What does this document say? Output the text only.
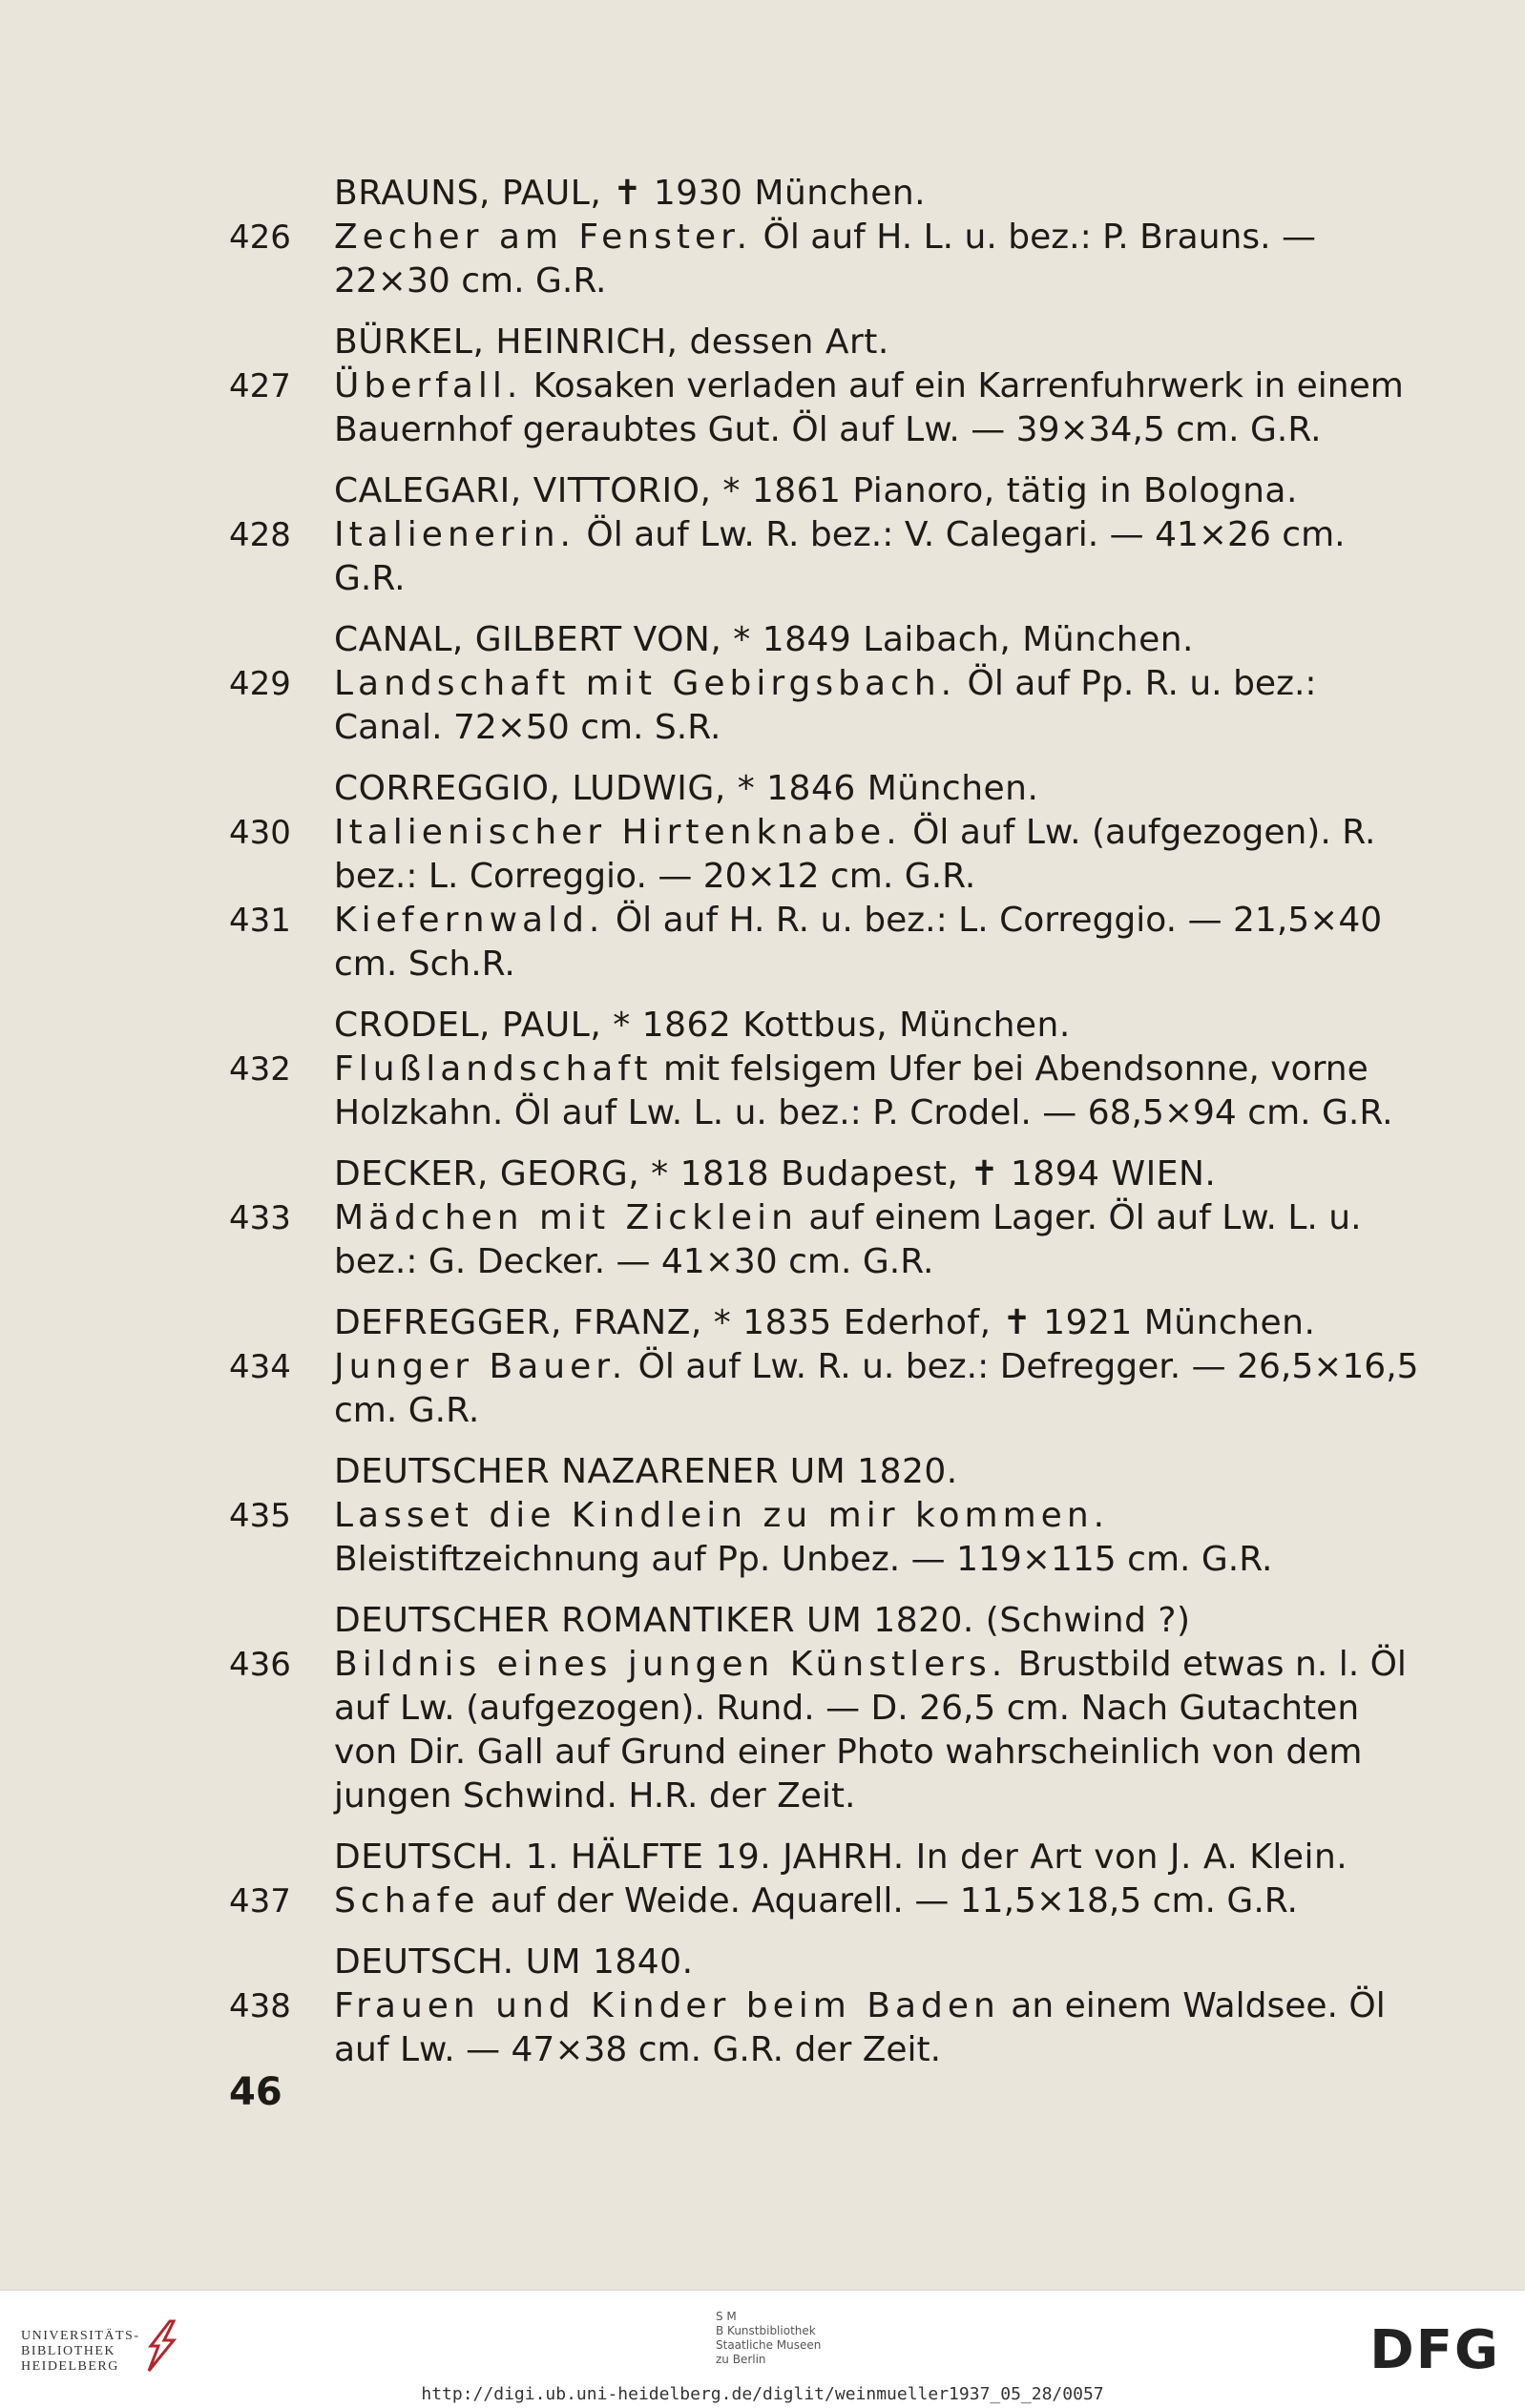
BRAUNS, PAUL, ✝ 1930 München.
426 Zecher am Fenster. Öl auf H. L. u. bez.: P. Brauns. — 22×30 cm. G.R.
BÜRKEL, HEINRICH, dessen Art.
427 Überfall. Kosaken verladen auf ein Karrenfuhrwerk in einem Bauernhof geraubtes Gut. Öl auf Lw. — 39×34,5 cm. G.R.
CALEGARI, VITTORIO, * 1861 Pianoro, tätig in Bologna.
428 Italienerin. Öl auf Lw. R. bez.: V. Calegari. — 41×26 cm. G.R.
CANAL, GILBERT VON, * 1849 Laibach, München.
429 Landschaft mit Gebirgsbach. Öl auf Pp. R. u. bez.: Canal. 72×50 cm. S.R.
CORREGGIO, LUDWIG, * 1846 München.
430 Italienischer Hirtenknabe. Öl auf Lw. (aufgezogen). R. bez.: L. Correggio. — 20×12 cm. G.R.
431 Kiefernwald. Öl auf H. R. u. bez.: L. Correggio. — 21,5×40 cm. Sch.R.
CRODEL, PAUL, * 1862 Kottbus, München.
432 Flußlandschaft mit felsigem Ufer bei Abendsonne, vorne Holzkahn. Öl auf Lw. L. u. bez.: P. Crodel. — 68,5×94 cm. G.R.
DECKER, GEORG, * 1818 Budapest, ✝ 1894 WIEN.
433 Mädchen mit Zicklein auf einem Lager. Öl auf Lw. L. u. bez.: G. Decker. — 41×30 cm. G.R.
DEFREGGER, FRANZ, * 1835 Ederhof, ✝ 1921 München.
434 Junger Bauer. Öl auf Lw. R. u. bez.: Defregger. — 26,5×16,5 cm. G.R.
DEUTSCHER NAZARENER UM 1820.
435 Lasset die Kindlein zu mir kommen. Bleistiftzeichnung auf Pp. Unbez. — 119×115 cm. G.R.
DEUTSCHER ROMANTIKER UM 1820. (Schwind ?)
436 Bildnis eines jungen Künstlers. Brustbild etwas n. l. Öl auf Lw. (aufgezogen). Rund. — D. 26,5 cm. Nach Gutachten von Dir. Gall auf Grund einer Photo wahrscheinlich von dem jungen Schwind. H.R. der Zeit.
DEUTSCH. 1. HÄLFTE 19. JAHRH. In der Art von J. A. Klein.
437 Schafe auf der Weide. Aquarell. — 11,5×18,5 cm. G.R.
DEUTSCH. UM 1840.
438 Frauen und Kinder beim Baden an einem Waldsee. Öl auf Lw. — 47×38 cm. G.R. der Zeit.
46
UNIVERSITÄTS-
BIBLIOTHEK
HEIDELBERG
S M
B Kunstbibliothek
Staatliche Museen
zu Berlin	DFG
http://digi.ub.uni-heidelberg.de/diglit/weinmueller1937_05_28/0057
